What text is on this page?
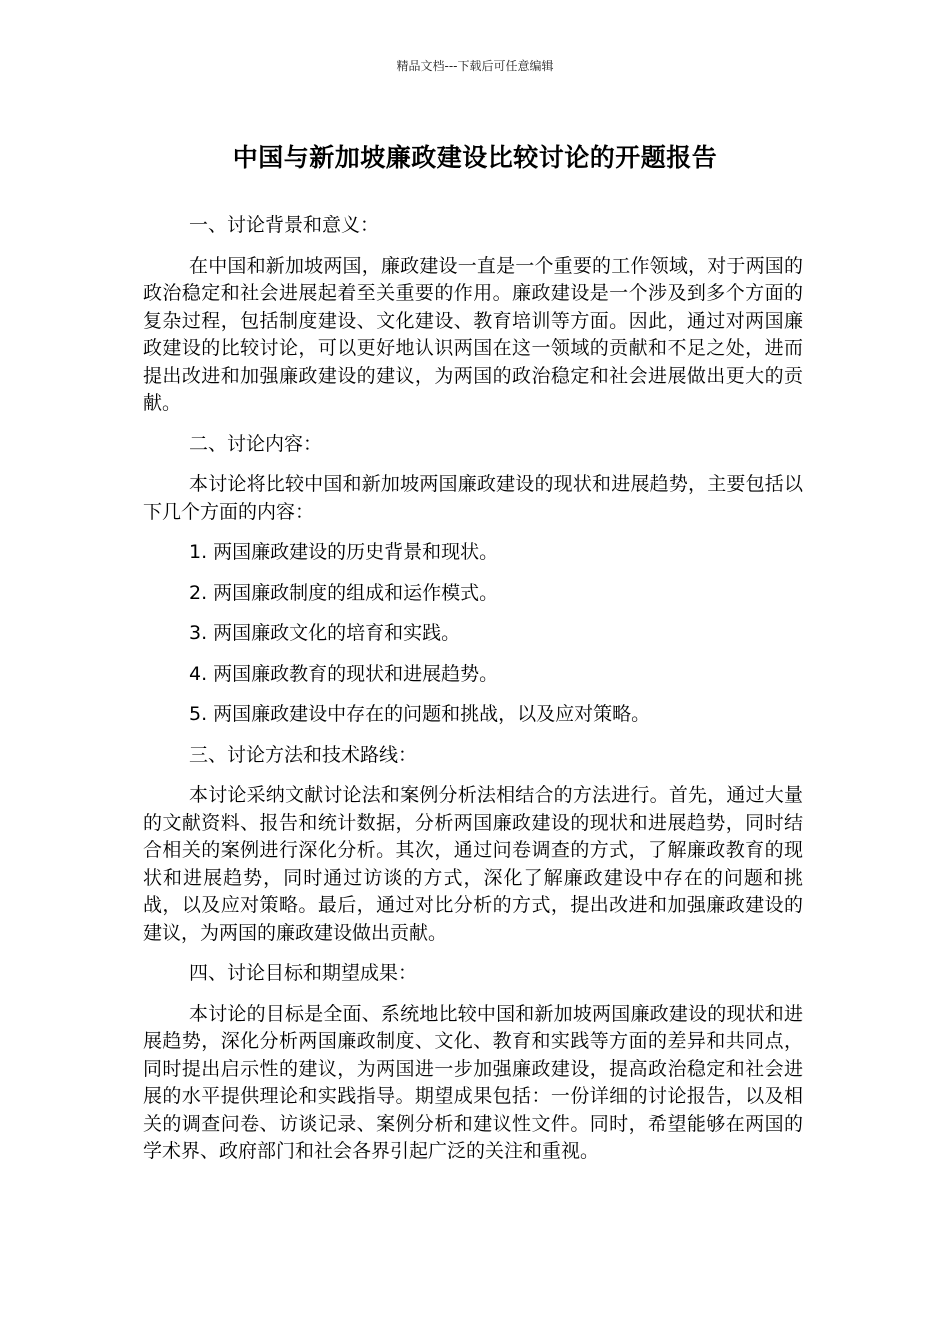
精品文档---下载后可任意编辑
中国与新加坡廉政建设比较讨论的开题报告

一、讨论背景和意义：

在中国和新加坡两国，廉政建设一直是一个重要的工作领域，对于两国的政治稳定和社会进展起着至关重要的作用。廉政建设是一个涉及到多个方面的复杂过程，包括制度建设、文化建设、教育培训等方面。因此，通过对两国廉政建设的比较讨论，可以更好地认识两国在这一领域的贡献和不足之处，进而提出改进和加强廉政建设的建议，为两国的政治稳定和社会进展做出更大的贡献。

二、讨论内容：

本讨论将比较中国和新加坡两国廉政建设的现状和进展趋势，主要包括以下几个方面的内容：

1. 两国廉政建设的历史背景和现状。

2. 两国廉政制度的组成和运作模式。

3. 两国廉政文化的培育和实践。

4. 两国廉政教育的现状和进展趋势。

5. 两国廉政建设中存在的问题和挑战，以及应对策略。

三、讨论方法和技术路线：

本讨论采纳文献讨论法和案例分析法相结合的方法进行。首先，通过大量的文献资料、报告和统计数据，分析两国廉政建设的现状和进展趋势，同时结合相关的案例进行深化分析。其次，通过问卷调查的方式，了解廉政教育的现状和进展趋势，同时通过访谈的方式，深化了解廉政建设中存在的问题和挑战，以及应对策略。最后，通过对比分析的方式，提出改进和加强廉政建设的建议，为两国的廉政建设做出贡献。

四、讨论目标和期望成果：

本讨论的目标是全面、系统地比较中国和新加坡两国廉政建设的现状和进展趋势，深化分析两国廉政制度、文化、教育和实践等方面的差异和共同点，同时提出启示性的建议，为两国进一步加强廉政建设，提高政治稳定和社会进展的水平提供理论和实践指导。期望成果包括：一份详细的讨论报告，以及相关的调查问卷、访谈记录、案例分析和建议性文件。同时，希望能够在两国的学术界、政府部门和社会各界引起广泛的关注和重视。
